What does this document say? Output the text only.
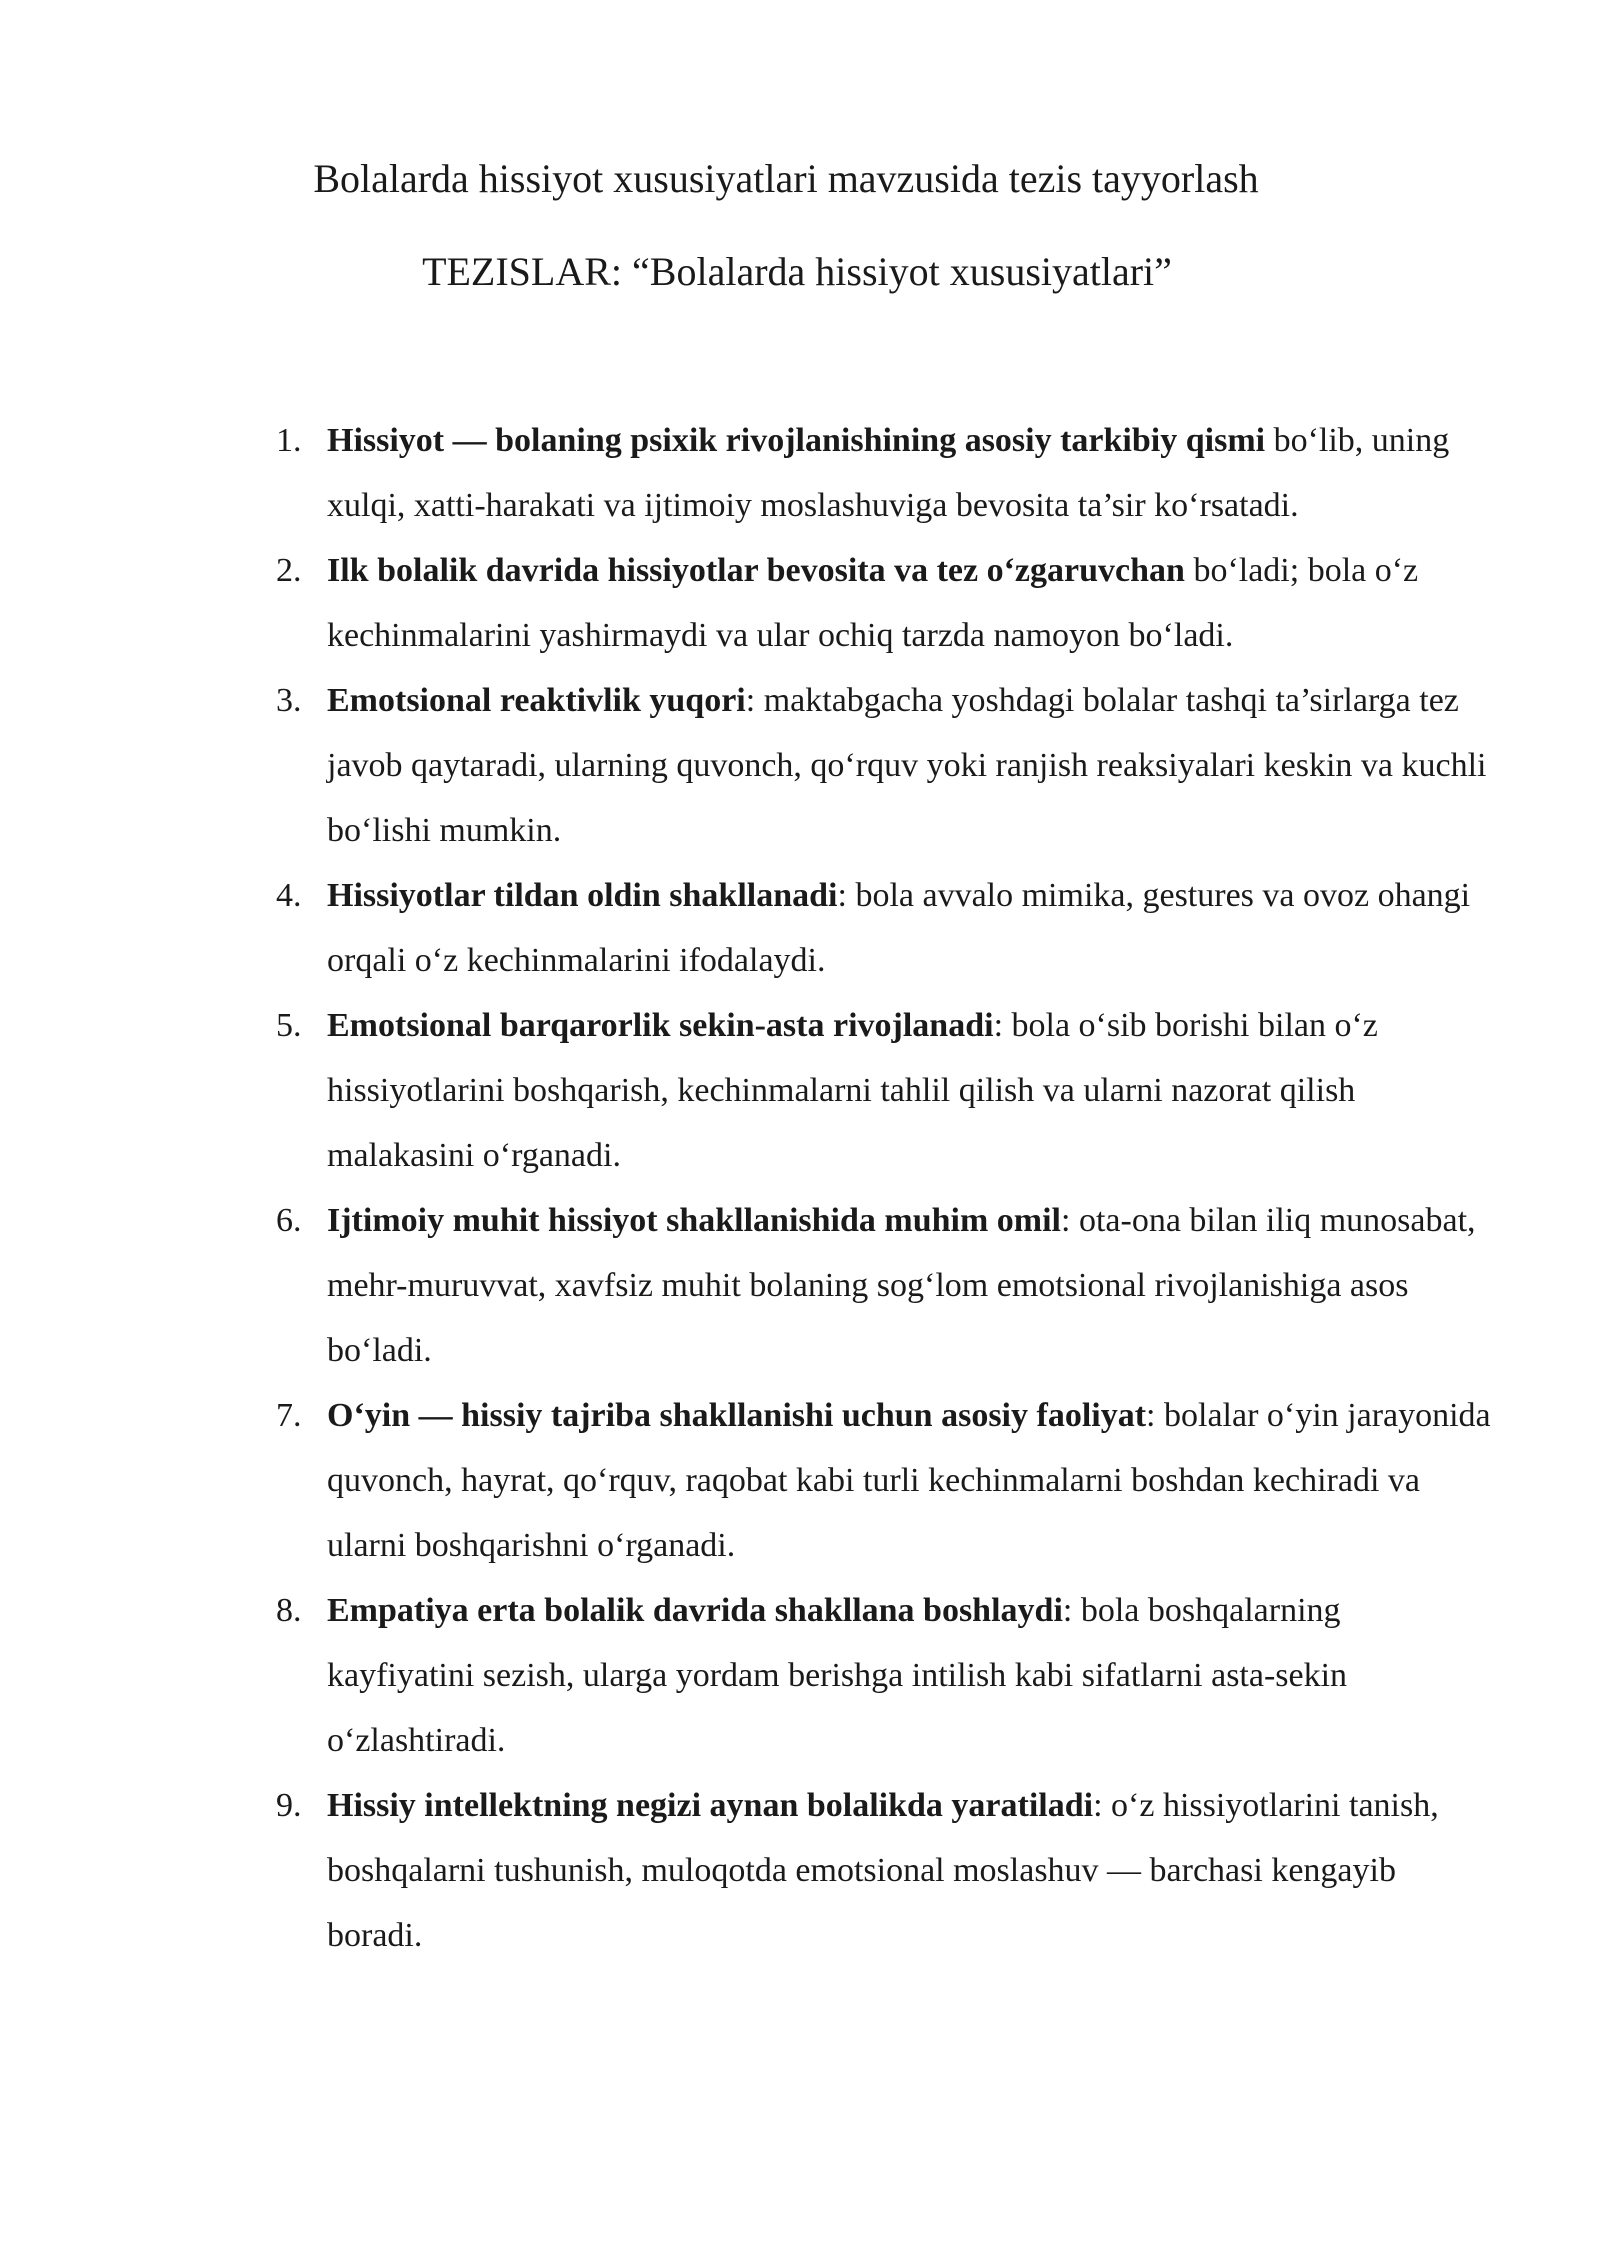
Bolalarda hissiyot xususiyatlari mavzusida tezis tayyorlash
TEZISLAR: “Bolalarda hissiyot xususiyatlari”
1. Hissiyot — bolaning psixik rivojlanishining asosiy tarkibiy qismi bo‘lib, uning xulqi, xatti-harakati va ijtimoiy moslashuviga bevosita ta’sir ko‘rsatadi.
2. Ilk bolalik davrida hissiyotlar bevosita va tez o‘zgaruvchan bo‘ladi; bola o‘z kechinmalarini yashirmaydi va ular ochiq tarzda namoyon bo‘ladi.
3. Emotsional reaktivlik yuqori: maktabgacha yoshdagi bolalar tashqi ta’sirlarga tez javob qaytaradi, ularning quvonch, qo‘rquv yoki ranjish reaksiyalari keskin va kuchli bo‘lishi mumkin.
4. Hissiyotlar tildan oldin shakllanadi: bola avvalo mimika, gestures va ovoz ohangi orqali o‘z kechinmalarini ifodalaydi.
5. Emotsional barqarorlik sekin-asta rivojlanadi: bola o‘sib borishi bilan o‘z hissiyotlarini boshqarish, kechinmalarni tahlil qilish va ularni nazorat qilish malakasini o‘rganadi.
6. Ijtimoiy muhit hissiyot shakllanishida muhim omil: ota-ona bilan iliq munosabat, mehr-muruvvat, xavfsiz muhit bolaning sog‘lom emotsional rivojlanishiga asos bo‘ladi.
7. O‘yin — hissiy tajriba shakllanishi uchun asosiy faoliyat: bolalar o‘yin jarayonida quvonch, hayrat, qo‘rquv, raqobat kabi turli kechinmalarni boshdan kechiradi va ularni boshqarishni o‘rganadi.
8. Empatiya erta bolalik davrida shakllana boshlaydi: bola boshqalarning kayfiyatini sezish, ularga yordam berishga intilish kabi sifatlarni asta-sekin o‘zlashtiradi.
9. Hissiy intellektning negizi aynan bolalikda yaratiladi: o‘z hissiyotlarini tanish, boshqalarni tushunish, muloqotda emotsional moslashuv — barchasi kengayib boradi.
